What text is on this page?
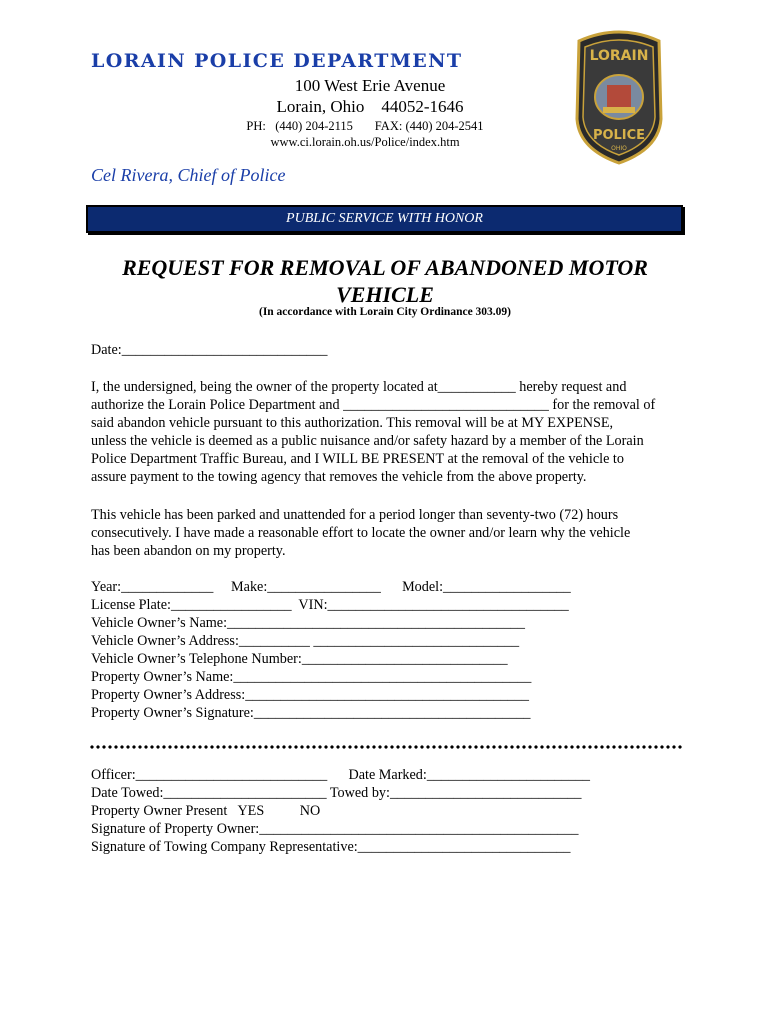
LORAIN POLICE DEPARTMENT
100 West Erie Avenue
Lorain, Ohio    44052-1646
PH:   (440) 204-2115       FAX: (440) 204-2541
www.ci.lorain.oh.us/Police/index.htm
LORAIN
POLICE
OHIO
Cel Rivera, Chief of Police
PUBLIC SERVICE WITH HONOR
REQUEST FOR REMOVAL OF ABANDONED MOTOR
VEHICLE
(In accordance with Lorain City Ordinance 303.09)
Date:_____________________________
I, the undersigned, being the owner of the property located at___________ hereby request and
authorize the Lorain Police Department and _____________________________ for the removal of
said abandon vehicle pursuant to this authorization. This removal will be at MY EXPENSE,
unless the vehicle is deemed as a public nuisance and/or safety hazard by a member of the Lorain
Police Department Traffic Bureau, and I WILL BE PRESENT at the removal of the vehicle to
assure payment to the towing agency that removes the vehicle from the above property.
This vehicle has been parked and unattended for a period longer than seventy-two (72) hours
consecutively. I have made a reasonable effort to locate the owner and/or learn why the vehicle
has been abandon on my property.
Year:_____________     Make:________________      Model:__________________
License Plate:_________________  VIN:__________________________________
Vehicle Owner’s Name:__________________________________________
Vehicle Owner’s Address:__________ _____________________________
Vehicle Owner’s Telephone Number:_____________________________
Property Owner’s Name:__________________________________________
Property Owner’s Address:________________________________________
Property Owner’s Signature:_______________________________________
Officer:___________________________      Date Marked:_______________________
Date Towed:_______________________ Towed by:___________________________
Property Owner Present   YES          NO
Signature of Property Owner:_____________________________________________
Signature of Towing Company Representative:______________________________
